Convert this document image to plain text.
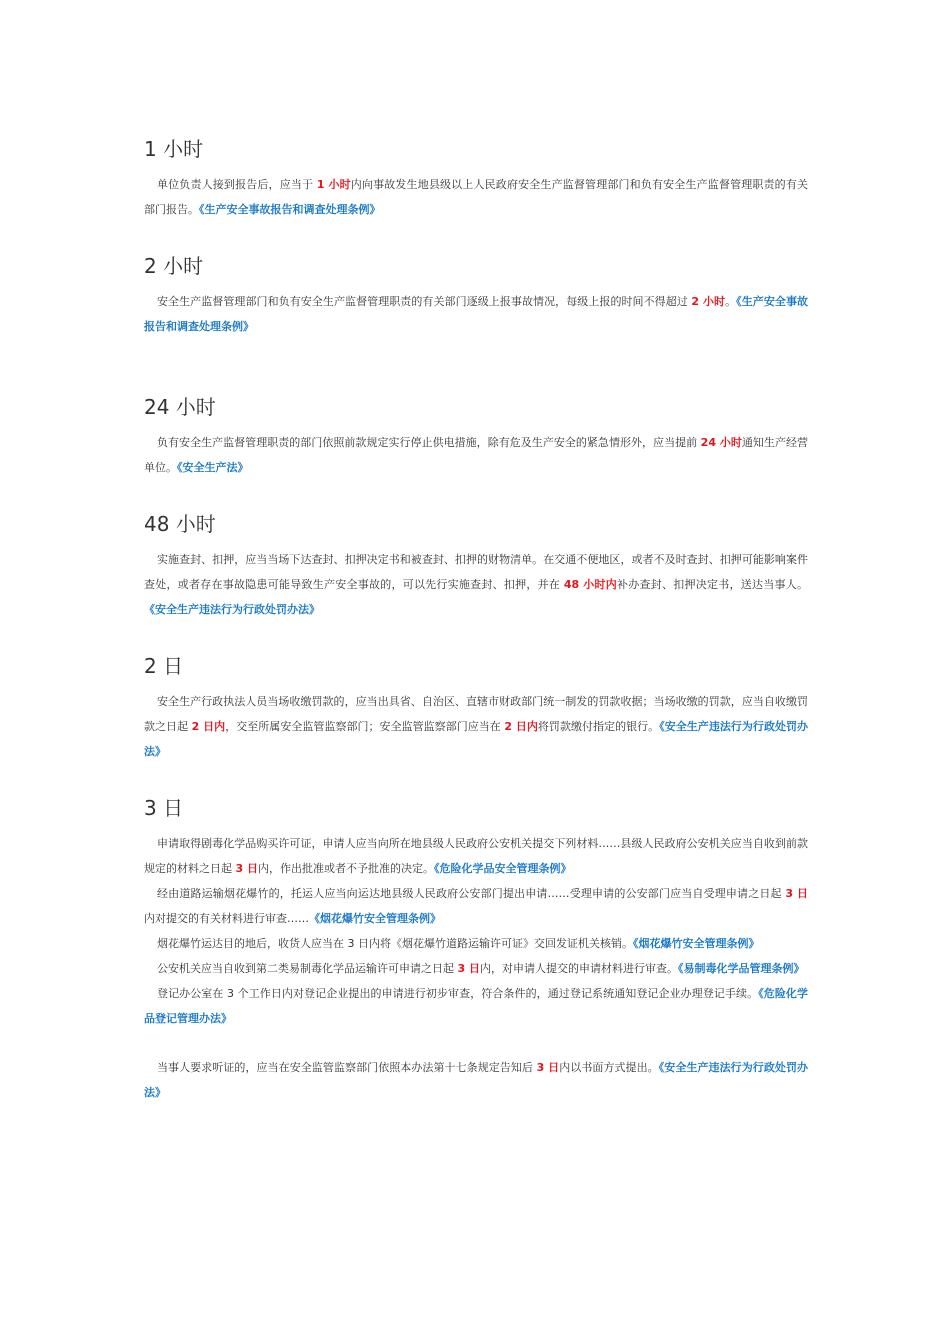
1 小时

单位负责人接到报告后，应当于 1 小时内向事故发生地县级以上人民政府安全生产监督管理部门和负有安全生产监督管理职责的有关部门报告。《生产安全事故报告和调查处理条例》

2 小时

安全生产监督管理部门和负有安全生产监督管理职责的有关部门逐级上报事故情况，每级上报的时间不得超过 2 小时。《生产安全事故报告和调查处理条例》

24 小时

负有安全生产监督管理职责的部门依照前款规定实行停止供电措施，除有危及生产安全的紧急情形外，应当提前 24 小时通知生产经营单位。《安全生产法》

48 小时

实施查封、扣押，应当当场下达查封、扣押决定书和被查封、扣押的财物清单。在交通不便地区，或者不及时查封、扣押可能影响案件查处，或者存在事故隐患可能导致生产安全事故的，可以先行实施查封、扣押，并在 48 小时内补办查封、扣押决定书，送达当事人。《安全生产违法行为行政处罚办法》

2 日

安全生产行政执法人员当场收缴罚款的，应当出具省、自治区、直辖市财政部门统一制发的罚款收据；当场收缴的罚款，应当自收缴罚款之日起 2 日内，交至所属安全监管监察部门；安全监管监察部门应当在 2 日内将罚款缴付指定的银行。《安全生产违法行为行政处罚办法》

3 日

申请取得剧毒化学品购买许可证，申请人应当向所在地县级人民政府公安机关提交下列材料……县级人民政府公安机关应当自收到前款规定的材料之日起 3 日内，作出批准或者不予批准的决定。《危险化学品安全管理条例》

经由道路运输烟花爆竹的，托运人应当向运达地县级人民政府公安部门提出申请……受理申请的公安部门应当自受理申请之日起 3 日内对提交的有关材料进行审查……《烟花爆竹安全管理条例》

烟花爆竹运达目的地后，收货人应当在 3 日内将《烟花爆竹道路运输许可证》交回发证机关核销。《烟花爆竹安全管理条例》

公安机关应当自收到第二类易制毒化学品运输许可申请之日起 3 日内，对申请人提交的申请材料进行审查。《易制毒化学品管理条例》

登记办公室在 3 个工作日内对登记企业提出的申请进行初步审查，符合条件的，通过登记系统通知登记企业办理登记手续。《危险化学品登记管理办法》

当事人要求听证的，应当在安全监管监察部门依照本办法第十七条规定告知后 3 日内以书面方式提出。《安全生产违法行为行政处罚办法》
